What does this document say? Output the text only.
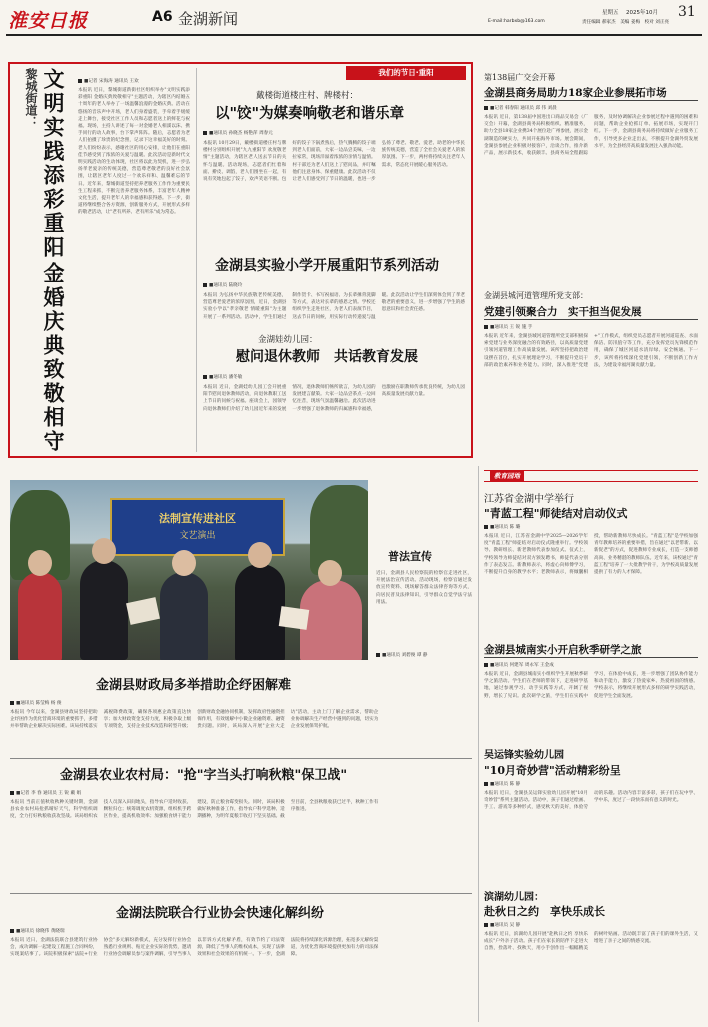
淮安日报	A6 金湖新闻	星期五 2025年10月 31
E-mail:harbxb@163.com	责任编辑 郝家杰　美编 姜梅　校对 刘正亮
黎城街道： 文明实践添彩重阳
金婚庆典致敬相守
■记者 宋海涛 通讯员 王欢
本报讯 近日，黎城街道新街社区组织举办"文明实践添彩重阳 金婚庆典致敬相守"主题活动，为辖区内结婚五十周年的老人举办了一场温馨浪漫的金婚庆典。活动在悠扬的音乐声中开场，老人们身着盛装，手牵着手缓缓走上舞台，接受社区工作人员和志愿者送上的鲜花与祝福。现场，主持人讲述了每一对金婚老人相濡以沫、携手同行的动人故事，台下掌声阵阵。随后，志愿者为老人们拍摄了珍贵的纪念照，记录下这幸福美好的时刻。老人们纷纷表示，感谢社区的用心安排，让他们在重阳佳节感受到了浓浓的关爱与温暖。此次活动是新时代文明实践活动的生动体现，社区将以此为契机，进一步弘扬孝老爱亲的传统美德，营造尊老敬老的良好社会氛围，让辖区老年人度过一个欢乐祥和、温馨难忘的节日。近年来，黎城街道坚持把养老服务工作作为重要民生工程来抓，不断完善养老服务体系，丰富老年人精神文化生活，提升老年人的幸福感和获得感。下一步，街道将继续整合各方资源，创新服务方式，开展形式多样的敬老活动，让"老有所养、老有所乐"成为常态。
我们的节日·重阳
戴楼街道楼庄村、牌楼村：
以"饺"为媒奏响敬老和谐乐章
■通讯员 孙晓杰 杨艳萍 周春元
本报讯 10月29日，戴楼街道楼庄村与牌楼村分别组织开展"九九重阳节 欢度敬老情"主题活动，为辖区老人送去节日的关怀与温暖。活动现场，志愿者们忙着和面、擀皮、调馅，老人们围坐在一起，有说有笑地包起了饺子，欢声笑语不断。包好的饺子下锅煮熟后，热气腾腾的饺子端到老人们面前，大家一边品尝美味，一边拉家常，现场洋溢着浓浓的亲情与温情。村干部还为老人们送上了慰问品，并叮嘱他们注意身体、保重健康。此次活动不仅让老人们感受到了节日的温暖，也进一步弘扬了尊老、敬老、爱老、助老的中华民族传统美德，营造了全社会关爱老人的浓厚氛围。下一步，两村将持续关注老年人需求，常态化开展暖心服务活动。
金湖县实验小学开展重阳节系列活动
■通讯员 陆晓玲
本报讯 为弘扬中华民族敬老传统美德，营造尊老爱老的浓厚氛围，近日，金湖县实验小学以"孝亲敬老 情暖重阳"为主题开展了一系列活动。活动中，学生们通过制作贺卡、书写祝福语、为长辈捶背洗脚等方式，表达对长辈的感恩之情。学校还组织学生走进社区，为老人们表演节目，送去节日的问候，用实际行动传递爱与温暖。此次活动让学生们深刻体会到了孝老敬老的重要意义，进一步增强了学生的感恩意识和社会责任感。
金湖娃幼儿园：
慰问退休教师　共话教育发展
■通讯员 潘冬敏
本报讯 近日，金湖娃幼儿园工会开展重阳节慰问退休教师活动，向退休教职工送上节日的问候与祝福。座谈会上，园领导向退休教师们介绍了幼儿园近年来的发展情况，退休教师们畅所欲言，为幼儿园的发展建言献策。大家一边品尝茶点一边回忆往昔，现场气氛温馨融洽。此次活动进一步增强了退休教师的归属感和幸福感，也激励在职教师传承优良传统，为幼儿园高质量发展贡献力量。
第138届广交会开幕
金湖县商务局助力18家企业参展拓市场
■记者 韩春阳 通讯员 邱 伟 刘晨
本报讯 近日，第138届中国进出口商品交易会（广交会）开幕，金湖县商务局积极组织、精准服务，助力全县18家企业携34个展位赴广州参展，展示金湖制造的硬实力，共同开拓海外市场。展会期间，金湖县参展企业积极对接客户，洽谈合作，推介新产品，展示新技术，收获颇丰。县商务局全程跟踪服务，及时协调解决企业参展过程中遇到的困难和问题，帮助企业抢抓订单、拓展市场，实现开门红。下一步，金湖县商务局将持续做好企业服务工作，引导更多企业走出去，不断提升金湖外贸发展水平，为全县经济高质量发展注入强劲动能。
金湖县城河道管理所党支部：
党建引领聚合力　实干担当促发展
■通讯员 王 锐 施 手
本报讯 近年来，金湖县城河道管理所党支部积极探索党建与业务深度融合的有效路径，以高质量党建引领河道管理工作高质量发展。该所坚持把政治建设摆在首位，扎实开展理论学习，不断提升党员干部的政治素养和业务能力。同时，深入推进"党建+"工作模式，组织党员志愿者开展河道巡查、水面保洁、防汛值守等工作，充分发挥党员先锋模范作用，确保了城区河道水清岸绿、安全畅通。下一步，该所将持续深化党建引领，不断创新工作方法，为建设幸福河湖贡献力量。
法制宣传进社区
文艺演出
普法宣传
近日，金湖县人民检察院的检察官走进社区，开展法治宣传活动。活动现场，检察官通过发放宣传资料、现场解答群众法律咨询等方式，向居民普及法律知识，引导群众自觉学法守法用法。
■通讯员 刘碧俊 谭 静
教育园地
江苏省金湖中学举行
"青蓝工程"师徒结对启动仪式
■通讯员 陈 璐
本报讯 近日，江苏省金湖中学2025—2026学年度"青蓝工程"师徒结对启动仪式隆重举行。学校领导、教研组长、新老教师代表参加仪式。仪式上，学校领导为师徒结对双方颁发聘书，师徒代表分别作了表态发言。新教师表示，将虚心向师傅学习，不断提升自身的教学水平；老教师表示，将倾囊相授，帮助新教师尽快成长。"青蓝工程"是学校加强青年教师培养的重要举措，旨在通过"以老带新、以新促老"的方式，促进教师专业成长，打造一支师德高尚、业务精湛的教师队伍。近年来，该校通过"青蓝工程"培养了一大批教学骨干，为学校高质量发展提供了有力的人才保障。
金湖县城南实小开启秋季研学之旅
■通讯员 何建军 周永军 王金成
本报讯 近日，金湖县城南实小组织学生开展秋季研学之旅活动。学生们在老师的带领下，走进研学基地，通过参观学习、动手实践等方式，开阔了视野，增长了见识。此次研学之旅，学生们在实践中学习，在体验中成长，进一步增强了团队协作能力和动手能力，激发了热爱家乡、热爱祖国的情感。学校表示，将继续开展形式多样的研学实践活动，促进学生全面发展。
吴运锋实验幼儿园
"10月奇妙营"活动精彩纷呈
■通讯员 陈 静
本报讯 近日，金湖县吴运锋实验幼儿园开展"10月奇妙营"系列主题活动。活动中，孩子们通过绘画、手工、游戏等多种形式，感受秋天的美好，体验劳动的乐趣。活动内容丰富多彩，孩子们在玩中学、学中乐，度过了一段快乐而有意义的时光。
滨湖幼儿园：
赴秋日之约　享快乐成长
■通讯员 吴 静
本报讯 近日，滨湖幼儿园开展"赴秋日之约 享快乐成长"户外亲子活动。孩子们在家长的陪伴下走进大自然，捡落叶、找秋天，用小手创作出一幅幅精美的树叶贴画。活动既丰富了孩子们的课外生活，又增进了亲子之间的情感交流。
金湖县财政局多举措助企纾困解难
■通讯员 陈莹梅 杨 俊
本报讯 今年以来，金湖县财政局坚持把助企纾困作为优化营商环境的重要抓手，多措并举帮助企业解决实际困难。该局持续落实减税降费政策，确保各项惠企政策直达快享；加大财政资金支持力度，积极争取上级专项资金，支持企业技术改造和转型升级；创新财政金融协同机制，发挥政府性融资担保作用，有效缓解中小微企业融资难、融资贵问题。同时，该局深入开展"企业大走访"活动，主动上门了解企业需求，帮助企业协调解决生产经营中遇到的问题，切实为企业发展保驾护航。
金湖县农业农村局："抢"字当头打响秋粮"保卫战"
■记者 李 春 通讯员 王 锐 戴 娟
本报讯 当前正值秋收秋种关键时期，金湖县农业农村局抢抓晴好天气，科学组织调度，全力打好秋粮收获攻坚战。该局组织农技人员深入田间地头，指导农户适时收获、颗粒归仓；统筹调度农机资源，组织机手跨区作业，提高机收效率；加强粮食烘干能力建设，防止粮食霉变损失。同时，该局积极做好秋种准备工作，指导农户科学选种、适期播种，为明年夏粮丰收打下坚实基础。截至目前，全县秋粮收获已过半，秋种工作有序推进。
金湖法院联合行业协会快速化解纠纷
■通讯员 徐晓伟 黄晓瑞
本报讯 近日，金湖法院联合县建筑行业协会，成功调解一起建设工程施工合同纠纷，实现案结事了。该院积极探索"法院+行业协会"多元解纷新模式，充分发挥行业协会熟悉行业规则、贴近企业实际的优势，邀请行业协会调解员参与案件调解，引导当事人以非诉方式化解矛盾，有效节约了司法资源，降低了当事人的维权成本，实现了法律效果和社会效果的有机统一。下一步，金湖法院将持续深化诉源治理，拓宽多元解纷渠道，为优化营商环境提供更加有力的司法保障。
